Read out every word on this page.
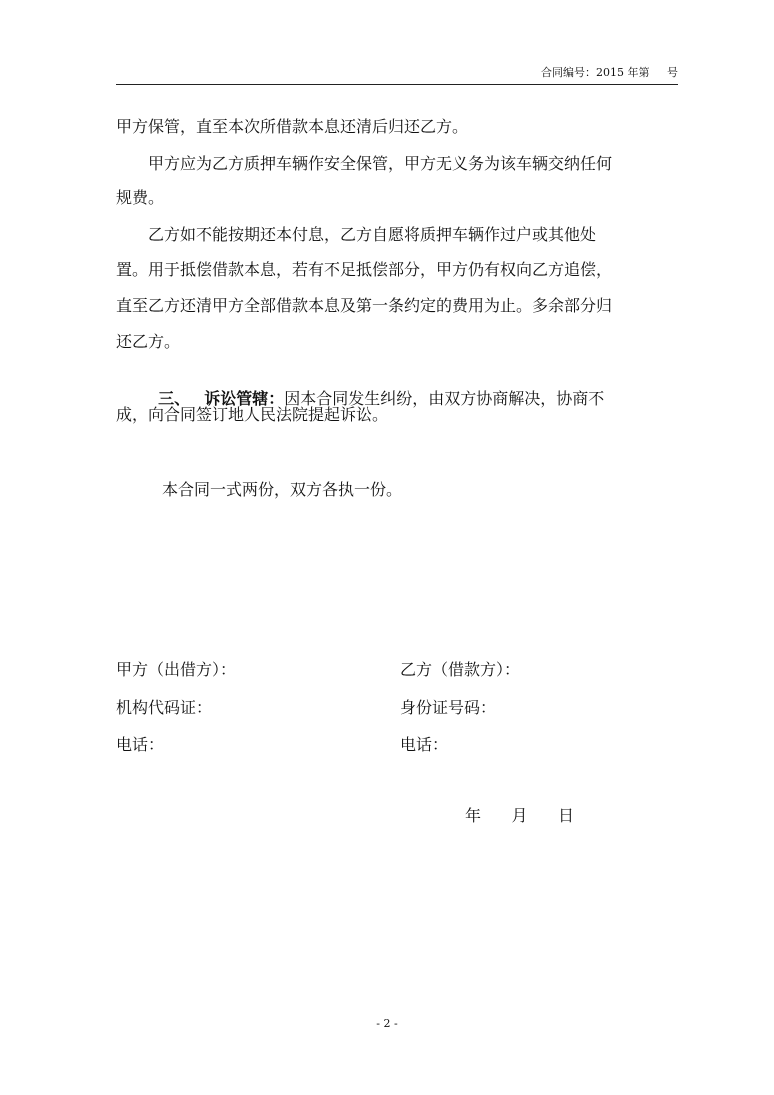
合同编号：2015 年第     号
甲方保管，直至本次所借款本息还清后归还乙方。
甲方应为乙方质押车辆作安全保管，甲方无义务为该车辆交纳任何
规费。
乙方如不能按期还本付息，乙方自愿将质押车辆作过户或其他处
置。用于抵偿借款本息，若有不足抵偿部分，甲方仍有权向乙方追偿，
直至乙方还清甲方全部借款本息及第一条约定的费用为止。多余部分归
还乙方。

三、 诉讼管辖：因本合同发生纠纷，由双方协商解决，协商不

成，向合同签订地人民法院提起诉讼。
本合同一式两份，双方各执一份。
甲方（出借方）：	乙方（借款方）：
机构代码证：	身份证号码：
电话：	电话：
年      月      日
- 2 -
